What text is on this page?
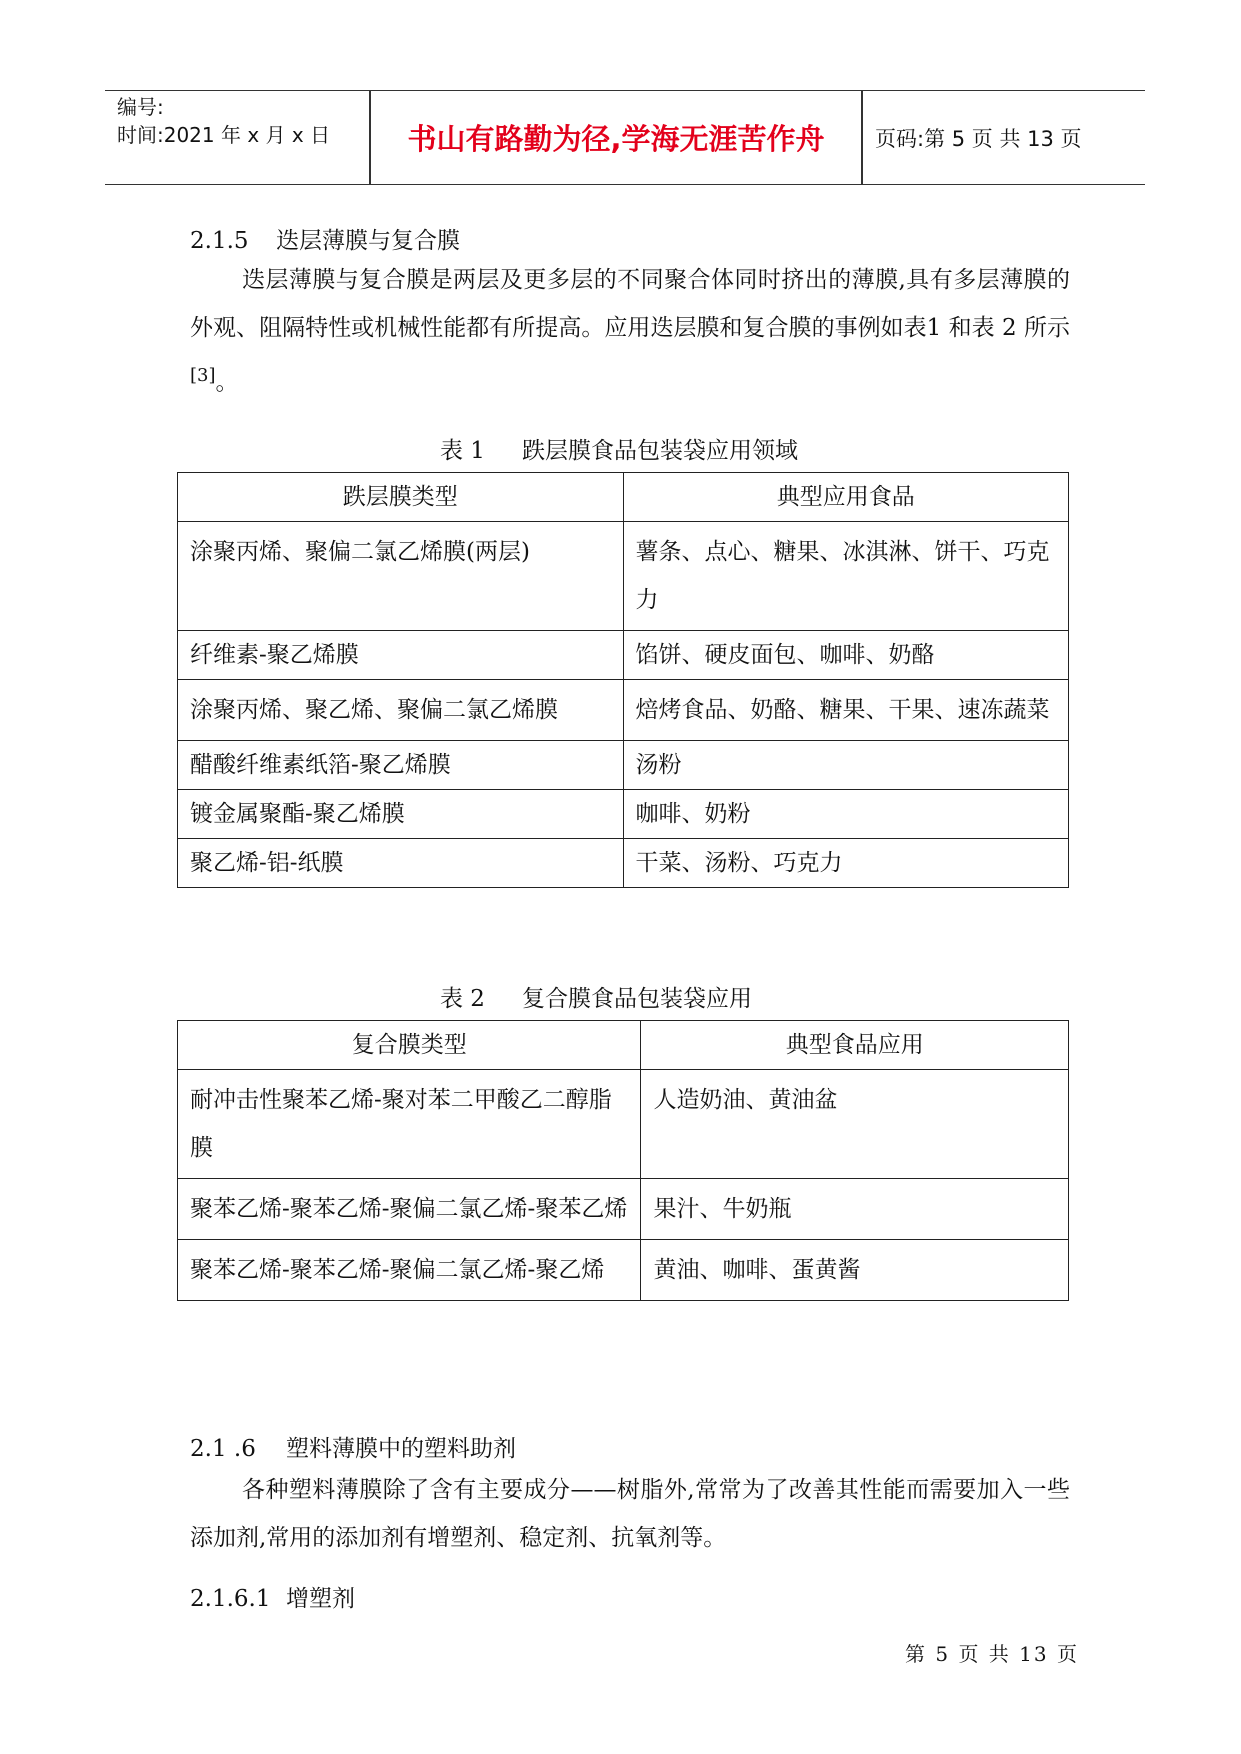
编号:
时间:2021 年 x 月 x 日	书山有路勤为径,学海无涯苦作舟	页码:第 5 页 共 13 页
2.1.5 迭层薄膜与复合膜
迭层薄膜与复合膜是两层及更多层的不同聚合体同时挤出的薄膜,具有多层薄膜的外观、阻隔特性或机械性能都有所提高。应用迭层膜和复合膜的事例如表1 和表 2 所示[3]。
表 1 跌层膜食品包装袋应用领域
跌层膜类型	典型应用食品
涂聚丙烯、聚偏二氯乙烯膜(两层)	薯条、点心、糖果、冰淇淋、饼干、巧克力
纤维素-聚乙烯膜	馅饼、硬皮面包、咖啡、奶酪
涂聚丙烯、聚乙烯、聚偏二氯乙烯膜	焙烤食品、奶酪、糖果、干果、速冻蔬菜
醋酸纤维素纸箔-聚乙烯膜	汤粉
镀金属聚酯-聚乙烯膜	咖啡、奶粉
聚乙烯-铝-纸膜	干菜、汤粉、巧克力
表 2 复合膜食品包装袋应用
复合膜类型	典型食品应用
耐冲击性聚苯乙烯-聚对苯二甲酸乙二醇脂膜	人造奶油、黄油盆
聚苯乙烯-聚苯乙烯-聚偏二氯乙烯-聚苯乙烯	果汁、牛奶瓶
聚苯乙烯-聚苯乙烯-聚偏二氯乙烯-聚乙烯	黄油、咖啡、蛋黄酱
2.1 .6 塑料薄膜中的塑料助剂
各种塑料薄膜除了含有主要成分——树脂外,常常为了改善其性能而需要加入一些添加剂,常用的添加剂有增塑剂、稳定剂、抗氧剂等。
2.1.6.1 增塑剂
第 5 页 共 13 页
